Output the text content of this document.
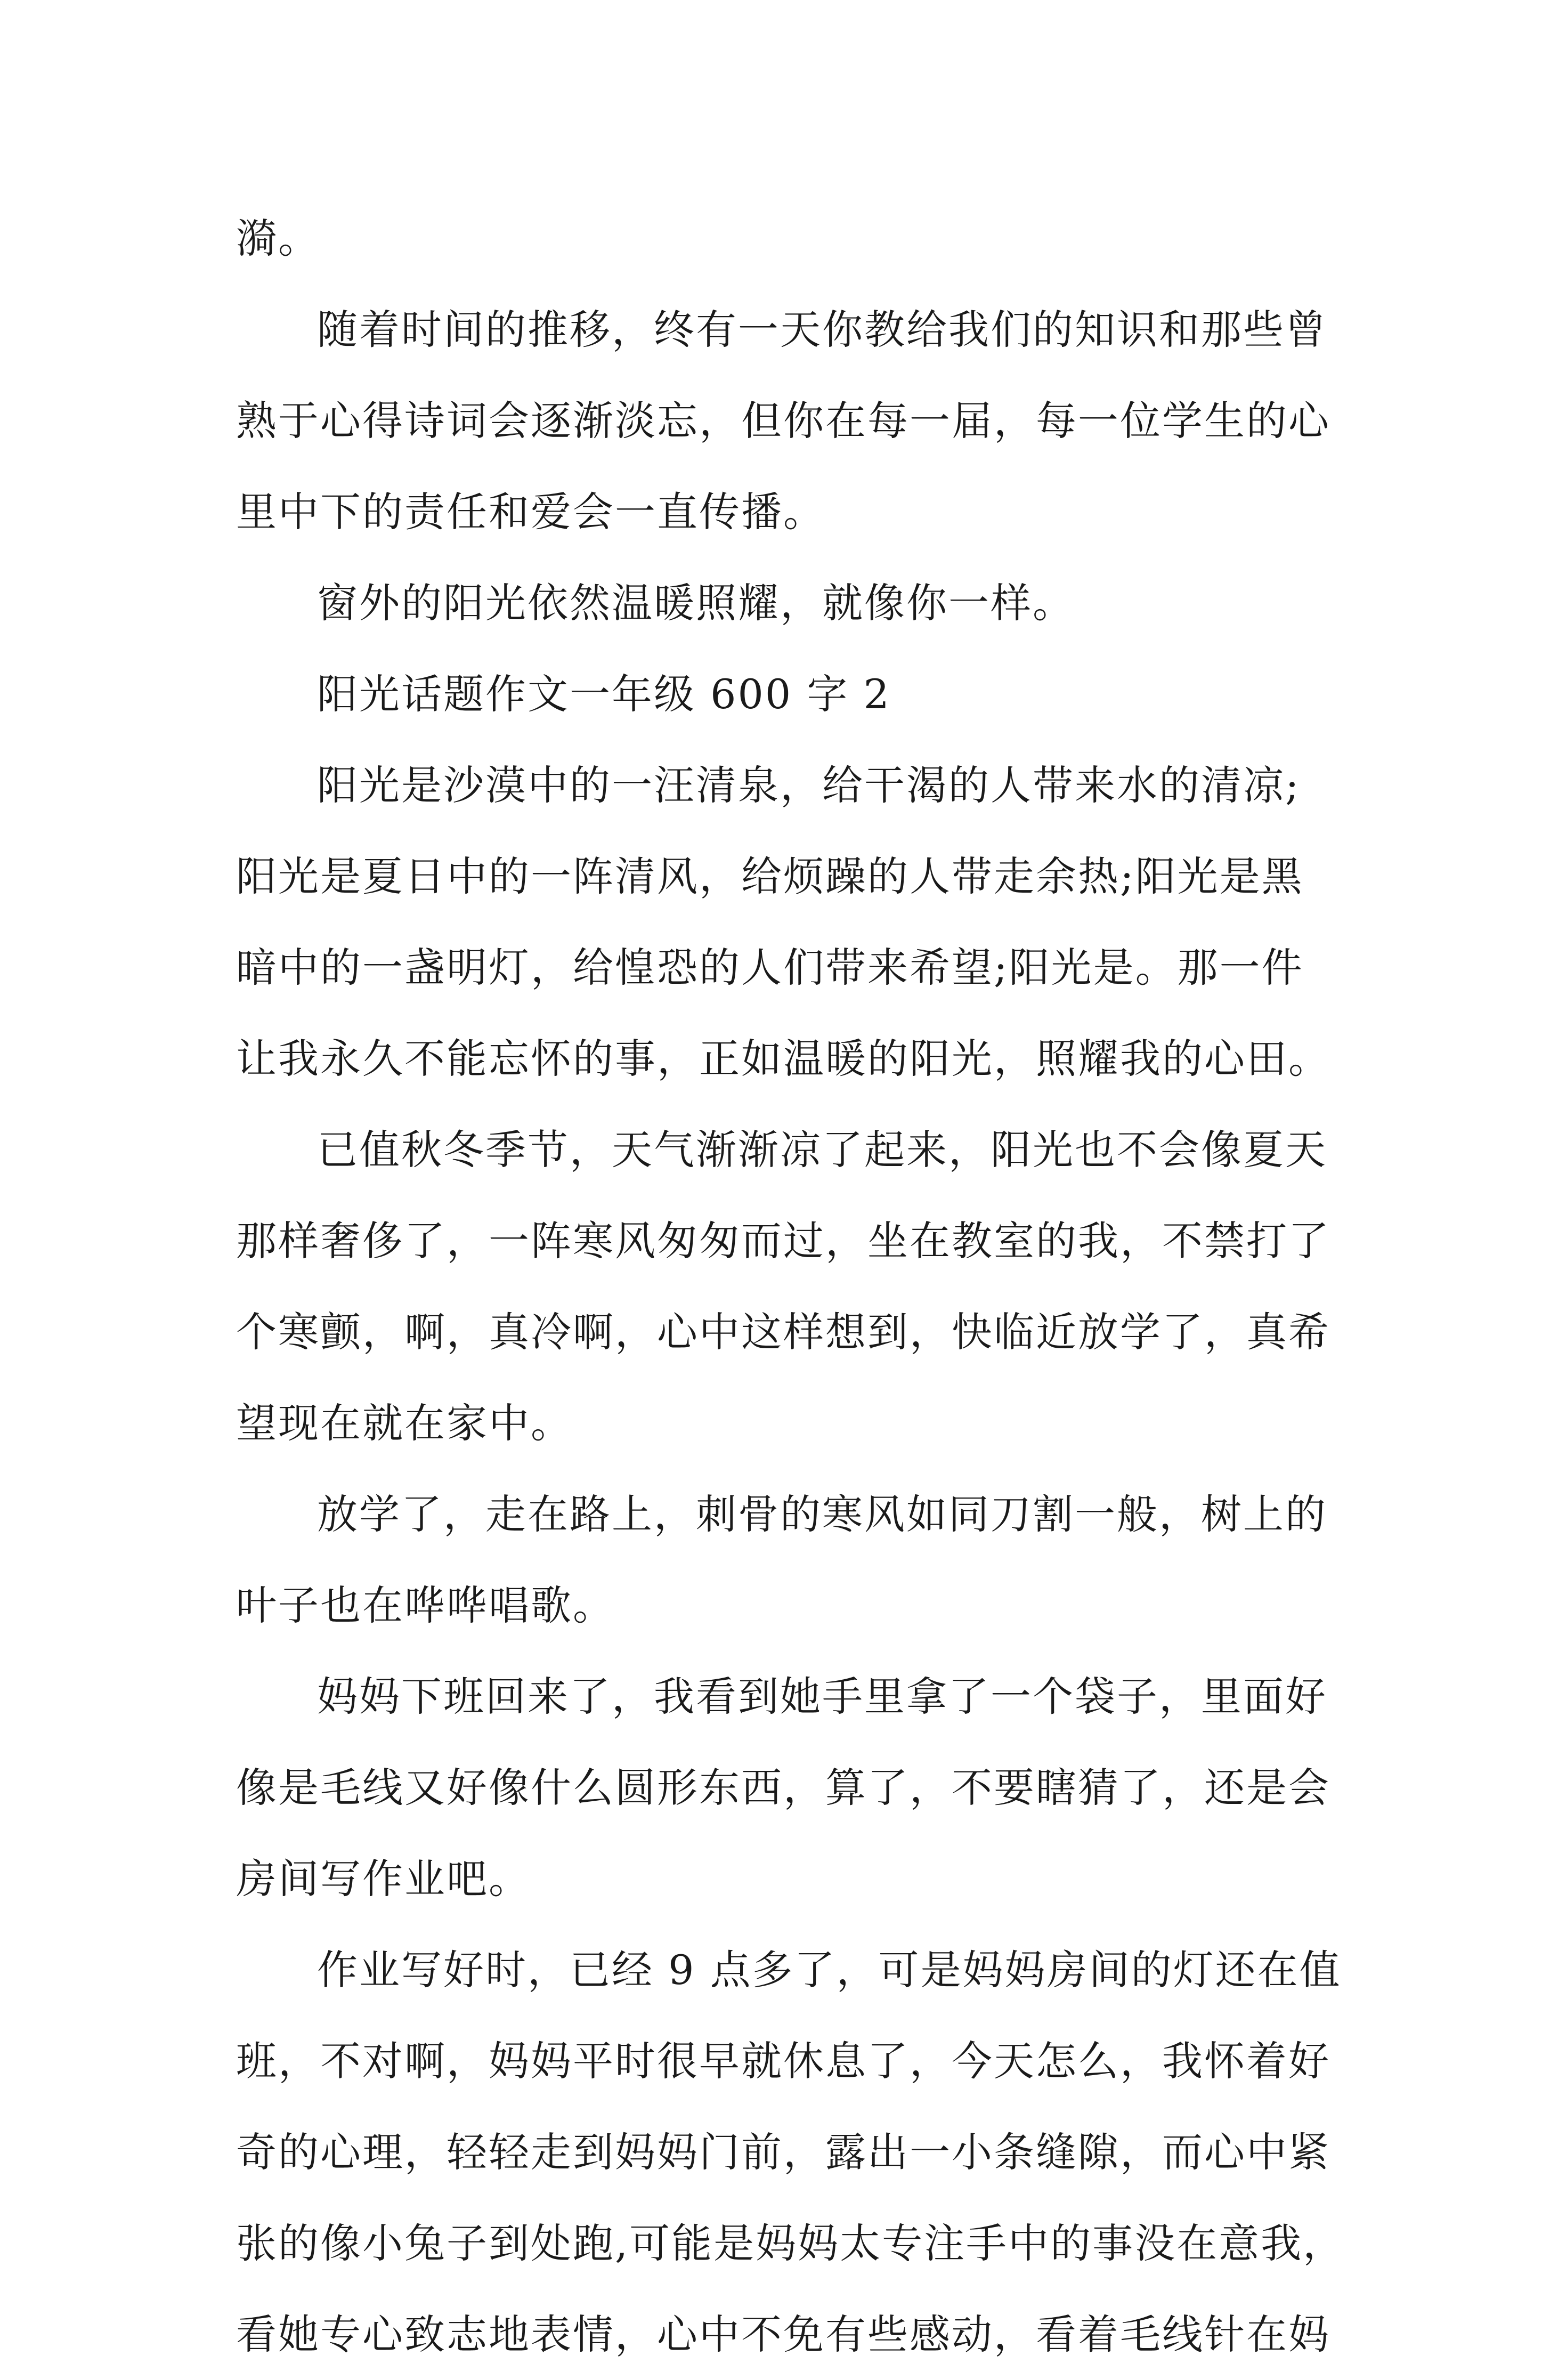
漪。
随着时间的推移，终有一天你教给我们的知识和那些曾
熟于心得诗词会逐渐淡忘，但你在每一届，每一位学生的心
里中下的责任和爱会一直传播。
窗外的阳光依然温暖照耀，就像你一样。
阳光话题作文一年级 600 字 2
阳光是沙漠中的一汪清泉，给干渴的人带来水的清凉;
阳光是夏日中的一阵清风，给烦躁的人带走余热;阳光是黑
暗中的一盏明灯，给惶恐的人们带来希望;阳光是。那一件
让我永久不能忘怀的事，正如温暖的阳光，照耀我的心田。
已值秋冬季节，天气渐渐凉了起来，阳光也不会像夏天
那样奢侈了，一阵寒风匆匆而过，坐在教室的我，不禁打了
个寒颤，啊，真冷啊，心中这样想到，快临近放学了，真希
望现在就在家中。
放学了，走在路上，刺骨的寒风如同刀割一般，树上的
叶子也在哗哗唱歌。
妈妈下班回来了，我看到她手里拿了一个袋子，里面好
像是毛线又好像什么圆形东西，算了，不要瞎猜了，还是会
房间写作业吧。
作业写好时，已经 9 点多了，可是妈妈房间的灯还在值
班，不对啊，妈妈平时很早就休息了，今天怎么，我怀着好
奇的心理，轻轻走到妈妈门前，露出一小条缝隙，而心中紧
张的像小兔子到处跑,可能是妈妈太专注手中的事没在意我，
看她专心致志地表情，心中不免有些感动，看着毛线针在妈
